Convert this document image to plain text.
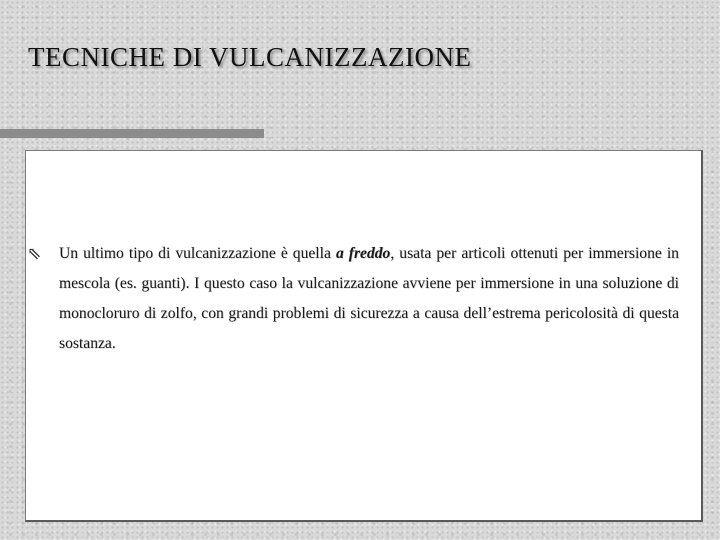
TECNICHE DI VULCANIZZAZIONE
⇖ Un ultimo tipo di vulcanizzazione è quella a freddo, usata per articoli ottenuti per immersione in mescola (es. guanti). I questo caso la vulcanizzazione avviene per immersione in una soluzione di monocloruro di zolfo, con grandi problemi di sicurezza a causa dell’estrema pericolosità di questa sostanza.
